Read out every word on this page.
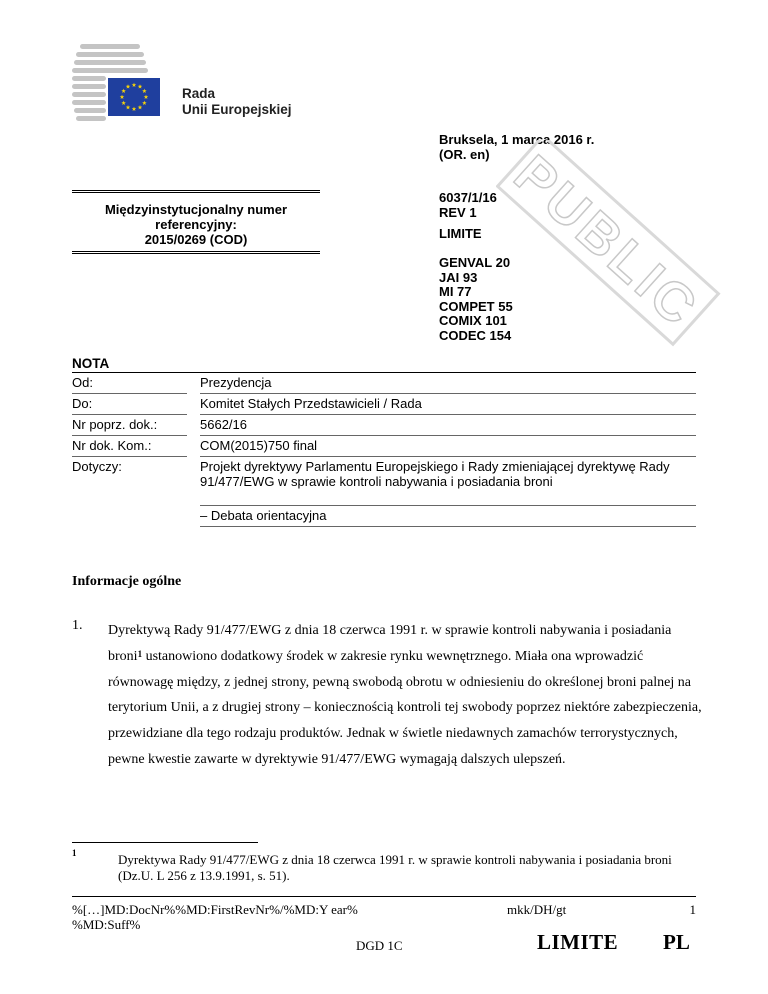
Rada
Unii Europejskiej
Bruksela, 1 marca 2016 r.
(OR. en)
Międzyinstytucjonalny numer
referencyjny:
2015/0269 (COD)
6037/1/16
REV 1
LIMITE
GENVAL 20
JAI 93
MI 77
COMPET 55
COMIX 101
CODEC 154
PUBLIC
NOTA
Od:	Prezydencja
Do:	Komitet Stałych Przedstawicieli / Rada
Nr poprz. dok.:	5662/16
Nr dok. Kom.:	COM(2015)750 final
Dotyczy:	Projekt dyrektywy Parlamentu Europejskiego i Rady zmieniającej dyrektywę Rady 91/477/EWG w sprawie kontroli nabywania i posiadania broni
– Debata orientacyjna
Informacje ogólne
1. Dyrektywą Rady 91/477/EWG z dnia 18 czerwca 1991 r. w sprawie kontroli nabywania i posiadania broni$^1$ ustanowiono dodatkowy środek w zakresie rynku wewnętrznego. Miała ona wprowadzić równowagę między, z jednej strony, pewną swobodą obrotu w odniesieniu do określonej broni palnej na terytorium Unii, a z drugiej strony – koniecznością kontroli tej swobody poprzez niektóre zabezpieczenia, przewidziane dla tego rodzaju produktów. Jednak w świetle niedawnych zamachów terrorystycznych, pewne kwestie zawarte w dyrektywie 91/477/EWG wymagają dalszych ulepszeń.
1	Dyrektywa Rady 91/477/EWG z dnia 18 czerwca 1991 r. w sprawie kontroli nabywania i posiadania broni (Dz.U. L 256 z 13.9.1991, s. 51).
%[…]MD:DocNr%%MD:FirstRevNr%/%MD:Y ear% %MD:Suff%
mkk/DH/gt	1
DGD 1C	LIMITE PL
